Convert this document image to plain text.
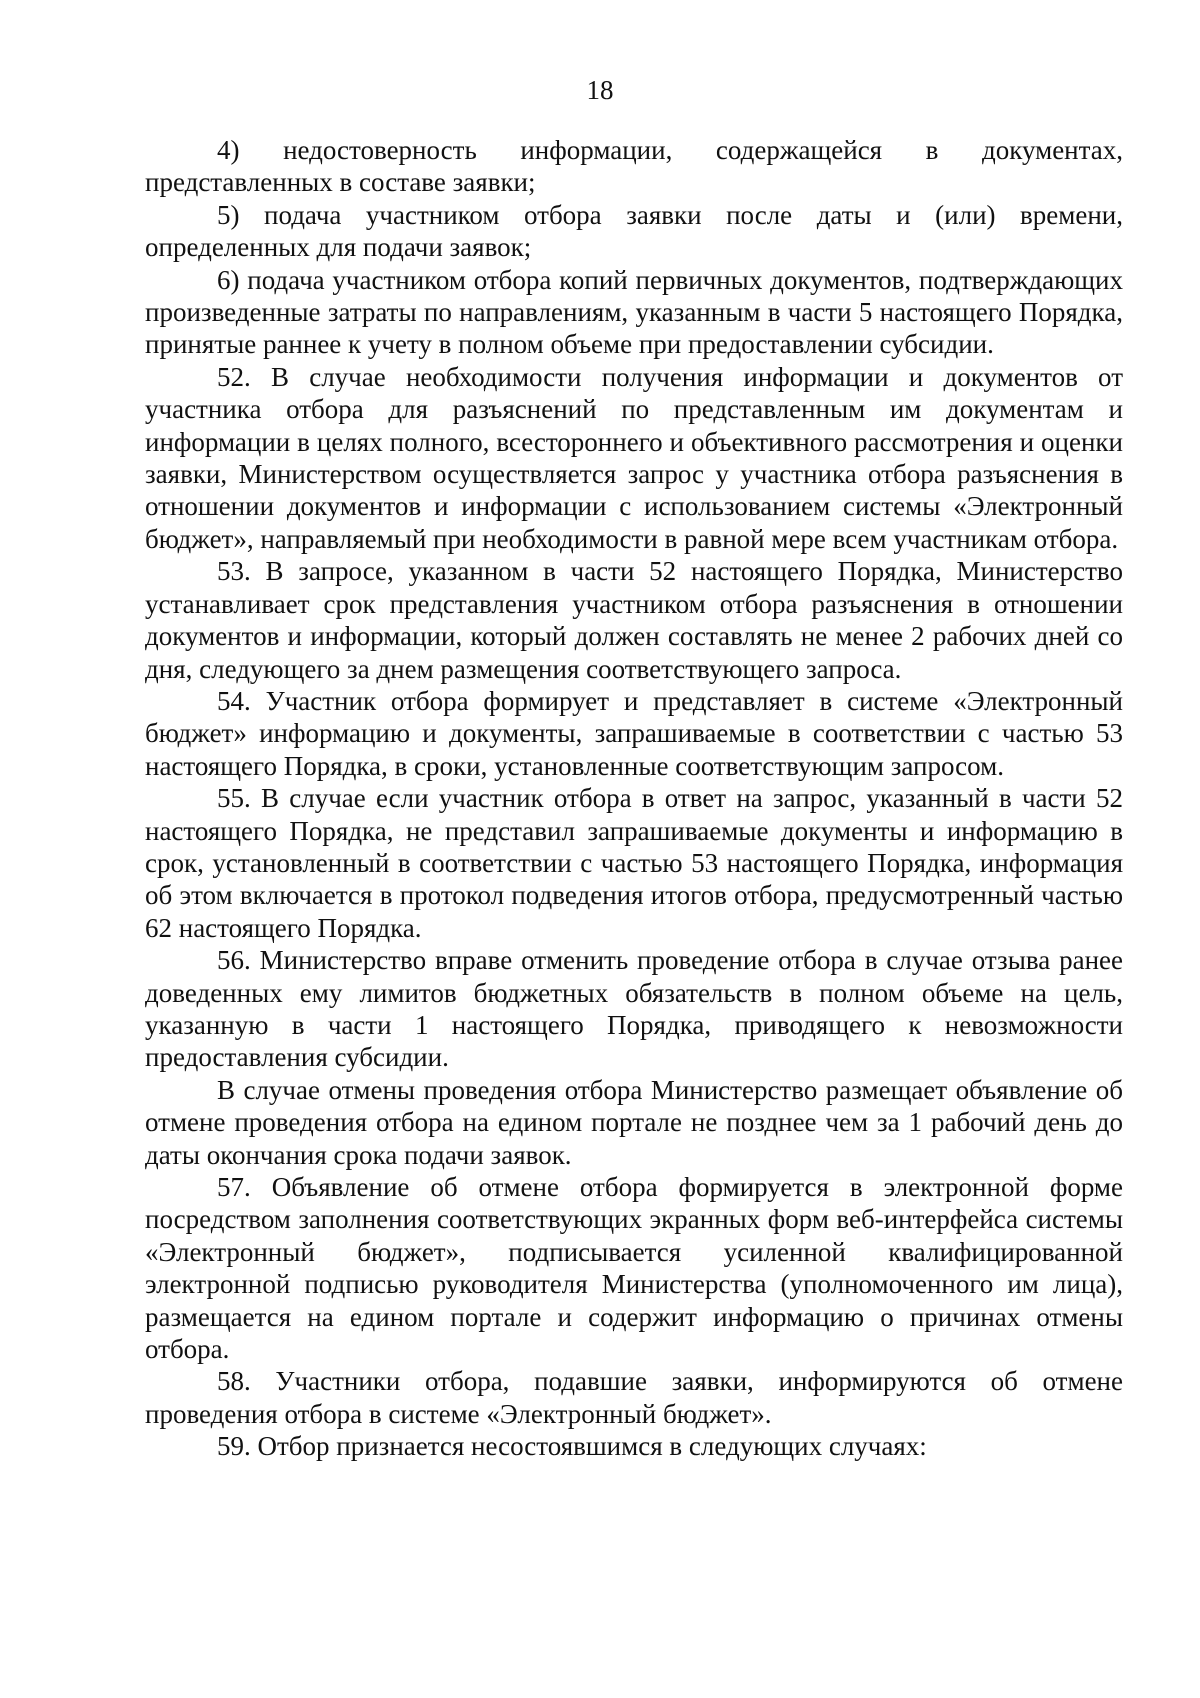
18

4) недостоверность информации, содержащейся в документах, представленных в составе заявки;

5) подача участником отбора заявки после даты и (или) времени, определенных для подачи заявок;

6) подача участником отбора копий первичных документов, подтверждающих произведенные затраты по направлениям, указанным в части 5 настоящего Порядка, принятые раннее к учету в полном объеме при предоставлении субсидии.

52. В случае необходимости получения информации и документов от участника отбора для разъяснений по представленным им документам и информации в целях полного, всестороннего и объективного рассмотрения и оценки заявки, Министерством осуществляется запрос у участника отбора разъяснения в отношении документов и информации с использованием системы «Электронный бюджет», направляемый при необходимости в равной мере всем участникам отбора.

53. В запросе, указанном в части 52 настоящего Порядка, Министерство устанавливает срок представления участником отбора разъяснения в отношении документов и информации, который должен составлять не менее 2 рабочих дней со дня, следующего за днем размещения соответствующего запроса.

54. Участник отбора формирует и представляет в системе «Электронный бюджет» информацию и документы, запрашиваемые в соответствии с частью 53 настоящего Порядка, в сроки, установленные соответствующим запросом.

55. В случае если участник отбора в ответ на запрос, указанный в части 52 настоящего Порядка, не представил запрашиваемые документы и информацию в срок, установленный в соответствии с частью 53 настоящего Порядка, информация об этом включается в протокол подведения итогов отбора, предусмотренный частью 62 настоящего Порядка.

56. Министерство вправе отменить проведение отбора в случае отзыва ранее доведенных ему лимитов бюджетных обязательств в полном объеме на цель, указанную в части 1 настоящего Порядка, приводящего к невозможности предоставления субсидии.

В случае отмены проведения отбора Министерство размещает объявление об отмене проведения отбора на едином портале не позднее чем за 1 рабочий день до даты окончания срока подачи заявок.

57. Объявление об отмене отбора формируется в электронной форме посредством заполнения соответствующих экранных форм веб-интерфейса системы «Электронный бюджет», подписывается усиленной квалифицированной электронной подписью руководителя Министерства (уполномоченного им лица), размещается на едином портале и содержит информацию о причинах отмены отбора.

58. Участники отбора, подавшие заявки, информируются об отмене проведения отбора в системе «Электронный бюджет».

59. Отбор признается несостоявшимся в следующих случаях:
